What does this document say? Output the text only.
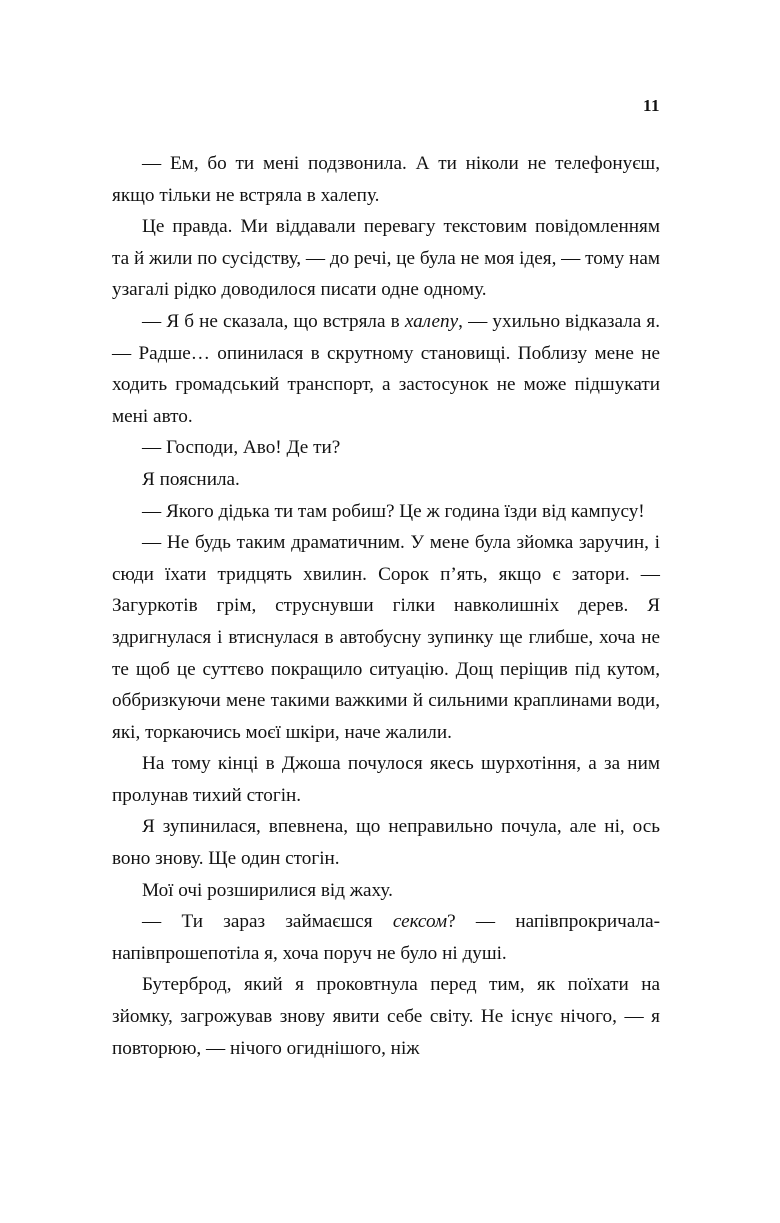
11

— Ем, бо ти мені подзвонила. А ти ніколи не телефонуєш, якщо тільки не встряла в халепу.

Це правда. Ми віддавали перевагу текстовим повідомленням та й жили по сусідству, — до речі, це була не моя ідея, — тому нам узагалі рідко доводилося писати одне одному.

— Я б не сказала, що встряла в халепу, — ухильно відказала я. — Радше… опинилася в скрутному становищі. Поблизу мене не ходить громадський транспорт, а застосунок не може підшукати мені авто.

— Господи, Аво! Де ти?

Я пояснила.

— Якого дідька ти там робиш? Це ж година їзди від кампусу!

— Не будь таким драматичним. У мене була зйомка заручин, і сюди їхати тридцять хвилин. Сорок п’ять, якщо є затори. — Загуркотів грім, струснувши гілки навколишніх дерев. Я здригнулася і втиснулася в автобусну зупинку ще глибше, хоча не те щоб це суттєво покращило ситуацію. Дощ періщив під кутом, оббризкуючи мене такими важкими й сильними краплинами води, які, торкаючись моєї шкіри, наче жалили.

На тому кінці в Джоша почулося якесь шурхотіння, а за ним пролунав тихий стогін.

Я зупинилася, впевнена, що неправильно почула, але ні, ось воно знову. Ще один стогін.

Мої очі розширилися від жаху.

— Ти зараз займаєшся сексом? — напівпрокричала-напівпрошепотіла я, хоча поруч не було ні душі.

Бутерброд, який я проковтнула перед тим, як поїхати на зйомку, загрожував знову явити себе світу. Не існує нічого, — я повторюю, — нічого огиднішого, ніж
